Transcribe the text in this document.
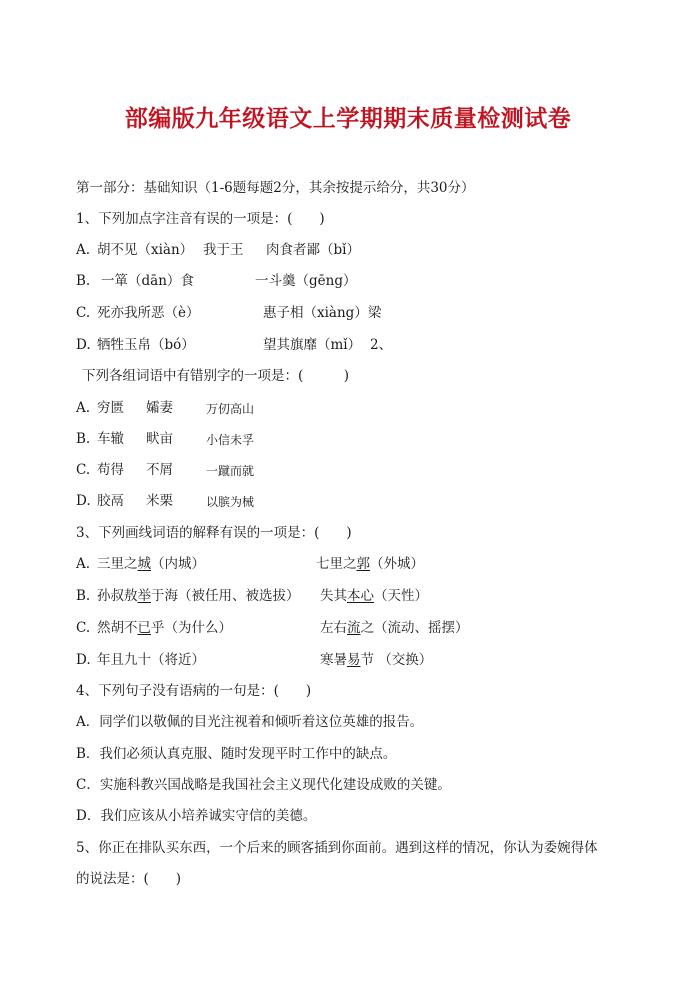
部编版九年级语文上学期期末质量检测试卷
第一部分：基础知识（1-6题每题2分，其余按提示给分，共30分）
1、下列加点字注音有误的一项是：(　　)
A. 胡不见（xiàn） 我于王 肉食者鄙（bǐ）
B. 一箪（dān）食	一斗羹（gēng）
C. 死亦我所恶（è）	惠子相（xiàng）梁
D. 牺牲玉帛（bó）	望其旗靡（mǐ） 2、
下列各组词语中有错别字的一项是：(　　　)
A. 穷匮 孀妻	万仞高山
B. 车辙 畎亩	小信未孚
C. 苟得 不屑	一蹴而就
D. 胶鬲 米栗	以膑为械
3、下列画线词语的解释有误的一项是：(　　)
A. 三里之城（内城）	七里之郭（外城）
B. 孙叔敖举于海（被任用、被选拔） 失其本心（天性）
C. 然胡不已乎（为什么）	左右流之（流动、摇摆）
D. 年且九十（将近）	寒暑易节 （交换）
4、下列句子没有语病的一句是：(　　)
A．同学们以敬佩的目光注视着和倾听着这位英雄的报告。
B．我们必须认真克服、随时发现平时工作中的缺点。
C．实施科教兴国战略是我国社会主义现代化建设成败的关键。
D．我们应该从小培养诚实守信的美德。
5、你正在排队买东西，一个后来的顾客插到你面前。遇到这样的情况，你认为委婉得体
的说法是：(　　)
